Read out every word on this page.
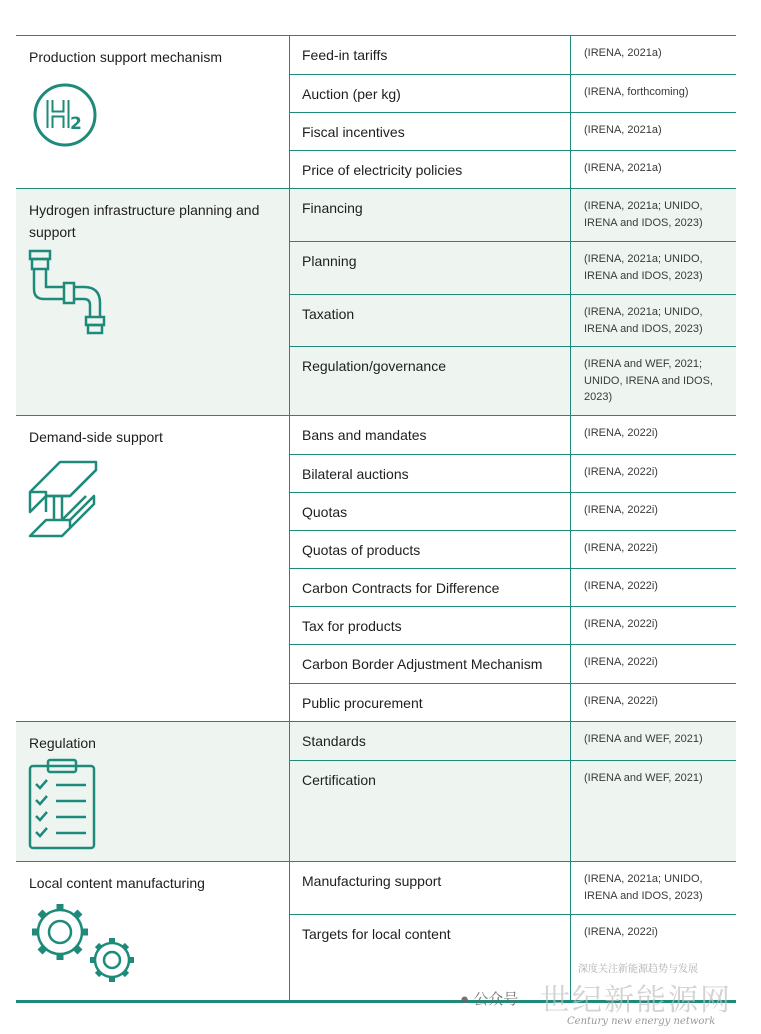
Production support mechanism
2
Feed-in tariffs	(IRENA, 2021a)
Auction (per kg)	(IRENA, forthcoming)
Fiscal incentives	(IRENA, 2021a)
Price of electricity policies	(IRENA, 2021a)
Hydrogen infrastructure planning and support
Financing	(IRENA, 2021a; UNIDO, IRENA and IDOS, 2023)
Planning	(IRENA, 2021a; UNIDO, IRENA and IDOS, 2023)
Taxation	(IRENA, 2021a; UNIDO, IRENA and IDOS, 2023)
Regulation/governance	(IRENA and WEF, 2021; UNIDO, IRENA and IDOS, 2023)
Demand-side support	Bans and mandates	(IRENA, 2022i)
Bilateral auctions	(IRENA, 2022i)
Quotas	(IRENA, 2022i)
Quotas of products	(IRENA, 2022i)
Carbon Contracts for Difference	(IRENA, 2022i)
Tax for products	(IRENA, 2022i)
Carbon Border Adjustment Mechanism	(IRENA, 2022i)
Public procurement	(IRENA, 2022i)
Regulation	Standards	(IRENA and WEF, 2021)
Certification	(IRENA and WEF, 2021)
Local content manufacturing	Manufacturing support	(IRENA, 2021a; UNIDO, IRENA and IDOS, 2023)
Targets for local content	(IRENA, 2022i)
深度关注新能源趋势与发展
● 公众号 世纪新能源网
Century new energy network
